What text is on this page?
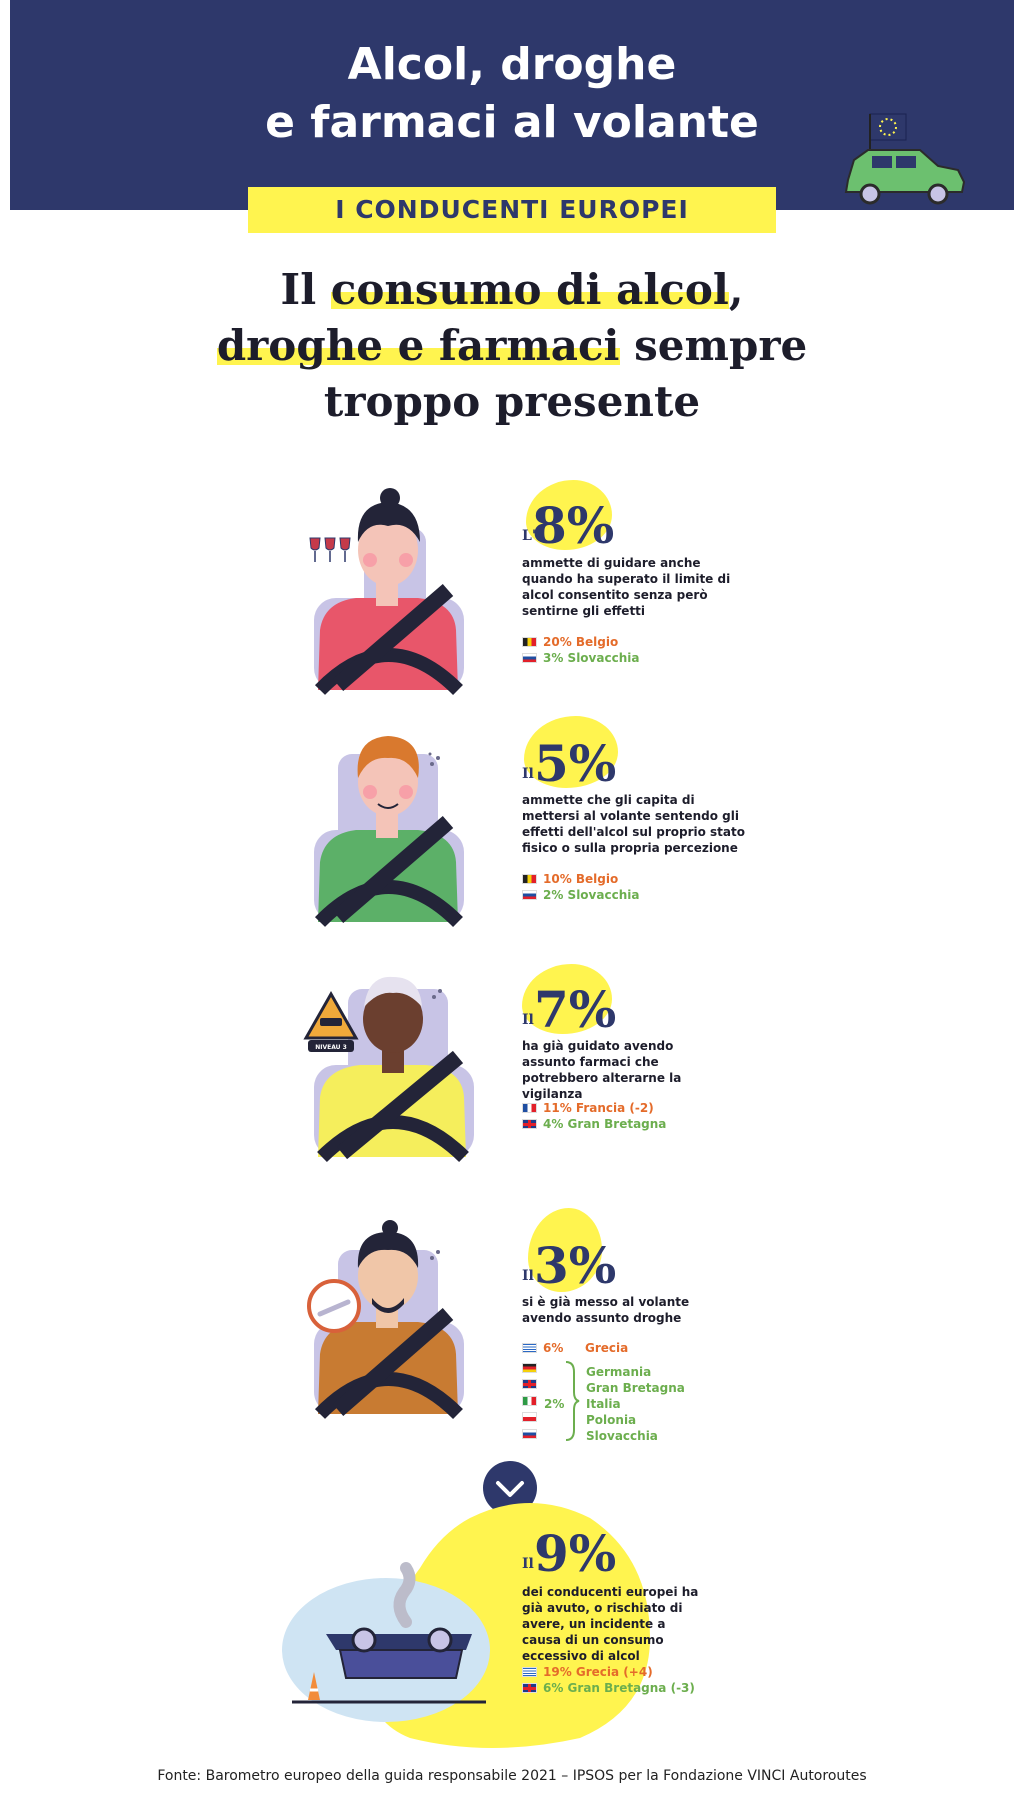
Alcol, droghe
e farmaci al volante
I CONDUCENTI EUROPEI
Il consumo di alcol,
droghe e farmaci sempre
troppo presente
L'
8%
ammette di guidare anche quando ha superato il limite di alcol consentito senza però sentirne gli effetti
20% Belgio
3% Slovacchia
Il 5%
ammette che gli capita di mettersi al volante sentendo gli effetti dell'alcol sul proprio stato fisico o sulla propria percezione
10% Belgio
2% Slovacchia
NIVEAU 3
Il 7%
ha già guidato avendo assunto farmaci che potrebbero alterarne la vigilanza
11% Francia (-2)
4% Gran Bretagna
Il 3%
si è già messo al volante avendo assunto droghe
6% Grecia
2%
Germania
Gran Bretagna
Italia
Polonia
Slovacchia
Il 9%
dei conducenti europei ha già avuto, o rischiato di avere, un incidente a causa di un consumo eccessivo di alcol
19% Grecia (+4)
6% Gran Bretagna (-3)
Fonte: Barometro europeo della guida responsabile 2021 – IPSOS per la Fondazione VINCI Autoroutes
